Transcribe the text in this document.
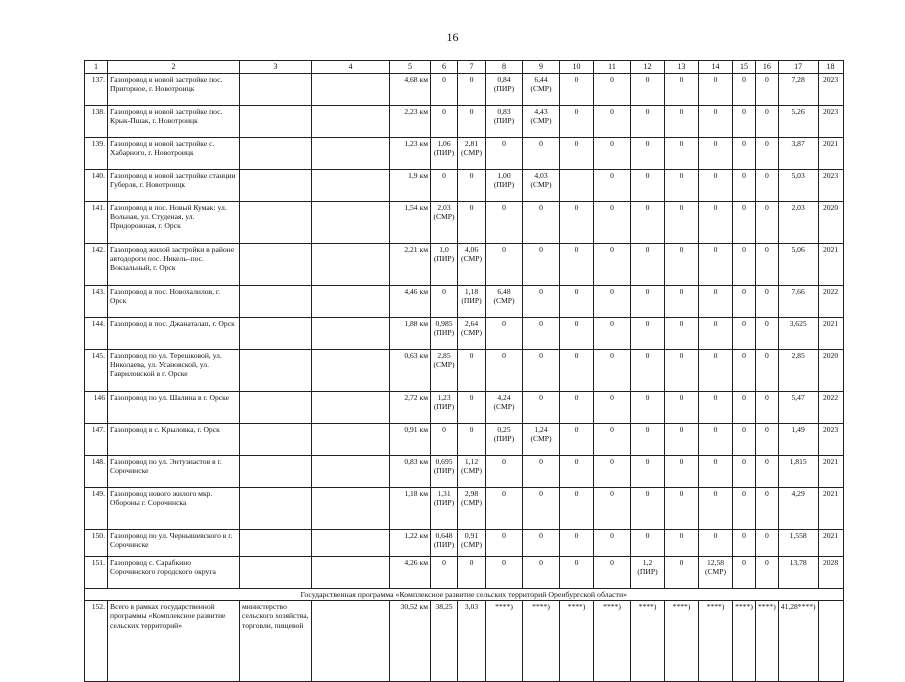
16
1	2	3	4	5	6	7	8	9	10	11	12	13	14	15	16	17	18
137.	Газопровод в новой застройке пос. Пригорное, г. Новотроицк			4,68 км	0	0	0,84 (ПИР)	6,44 (СМР)	0	0	0	0	0	0	0	7,28	2023
138.	Газопровод в новой застройке пос. Крык-Пшак, г. Новотроицк			2,23 км	0	0	0,83 (ПИР)	4,43 (СМР)	0	0	0	0	0	0	0	5,26	2023
139.	Газопровод в новой застройке с. Хабарного, г. Новотроицк			1,23 км	1,06 (ПИР)	2,81 (СМР)	0	0	0	0	0	0	0	0	0	3,87	2021
140.	Газопровод в новой застройке станции Губерля, г. Новотроицк			1,9 км	0	0	1,00 (ПИР)	4,03 (СМР)		0	0	0	0	0	0	5,03	2023
141.	Газопровод в пос. Новый Кумак: ул. Вольная, ул. Студеная, ул. Придорожная, г. Орск			1,54 км	2,03 (СМР)	0	0	0	0	0	0	0	0	0	0	2,03	2020
142.	Газопровод жилой застройки в районе автодороги пос. Никель–пос. Вокзальный, г. Орск			2,21 км	1,0 (ПИР)	4,06 (СМР)	0	0	0	0	0	0	0	0	0	5,06	2021
143.	Газопровод в пос. Новохалилов, г. Орск			4,46 км	0	1,18 (ПИР)	6,48 (СМР)	0	0	0	0	0	0	0	0	7,66	2022
144.	Газопровод в пос. Джанаталап, г. Орск			1,88 км	0,985 (ПИР)	2,64 (СМР)	0	0	0	0	0	0	0	0	0	3,625	2021
145.	Газопровод по ул. Терешковой, ул. Николаева, ул. Усановской, ул. Гавриловской в г. Орске			0,63 км	2,85 (СМР)	0	0	0	0	0	0	0	0	0	0	2,85	2020
146	Газопровод по ул. Шалина в г. Орске			2,72 км	1,23 (ПИР)	0	4,24 (СМР)	0	0	0	0	0	0	0	0	5,47	2022
147.	Газопровод в с. Крыловка, г. Орск			0,91 км	0	0	0,25 (ПИР)	1,24 (СМР)	0	0	0	0	0	0	0	1,49	2023
148.	Газопровод по ул. Энтузиастов в г. Сорочинске			0,83 км	0,695 (ПИР)	1,12 (СМР)	0	0	0	0	0	0	0	0	0	1,815	2021
149.	Газопровод нового жилого мкр. Обороны г. Сорочинска			1,18 км	1,31 (ПИР)	2,98 (СМР)	0	0	0	0	0	0	0	0	0	4,29	2021
150.	Газопровод по ул. Чернышевского в г. Сорочинске			1,22 км	0,648 (ПИР)	0,91 (СМР)	0	0	0	0	0	0	0	0	0	1,558	2021
151.	Газопровод с. Сарабкино Сорочинского городского округа			4,26 км	0	0	0	0	0	0	1,2 (ПИР)	0	12,58 (СМР)	0	0	13,78	2028
Государственная программа «Комплексное развитие сельских территорий Оренбургской области»																	
152.	Всего в рамках государственной программы «Комплексное развитие сельских территорий»	министерство сельского хозяйства, торговли, пищевой		30,52 км	38,25	3,03	****)	****)	****)	****)	****)	****)	****)	****)	****)	41,28****)	
